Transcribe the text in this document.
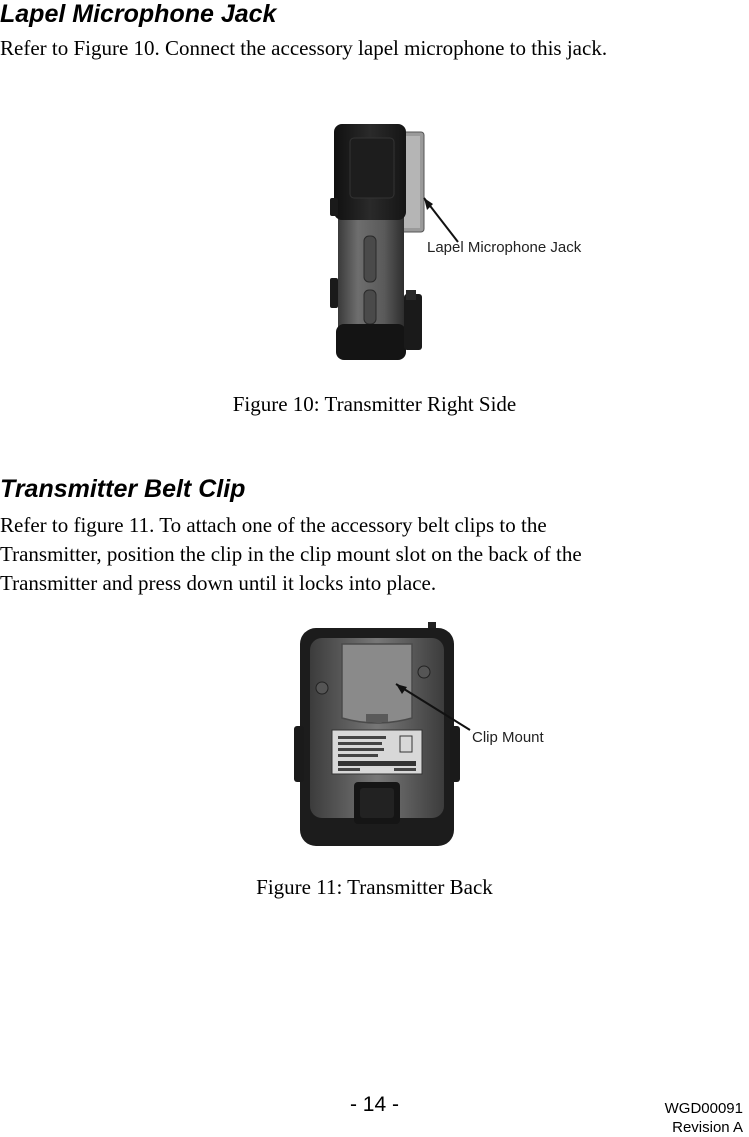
Lapel Microphone Jack

Refer to Figure 10. Connect the accessory lapel microphone to this jack.

Lapel Microphone Jack

Figure 10: Transmitter Right Side

Transmitter Belt Clip

Refer to figure 11. To attach one of the accessory belt clips to the

Transmitter, position the clip in the clip mount slot on the back of the

Transmitter and press down until it locks into place.

Clip Mount

Figure 11: Transmitter Back

- 14 -	WGD00091
Revision A
